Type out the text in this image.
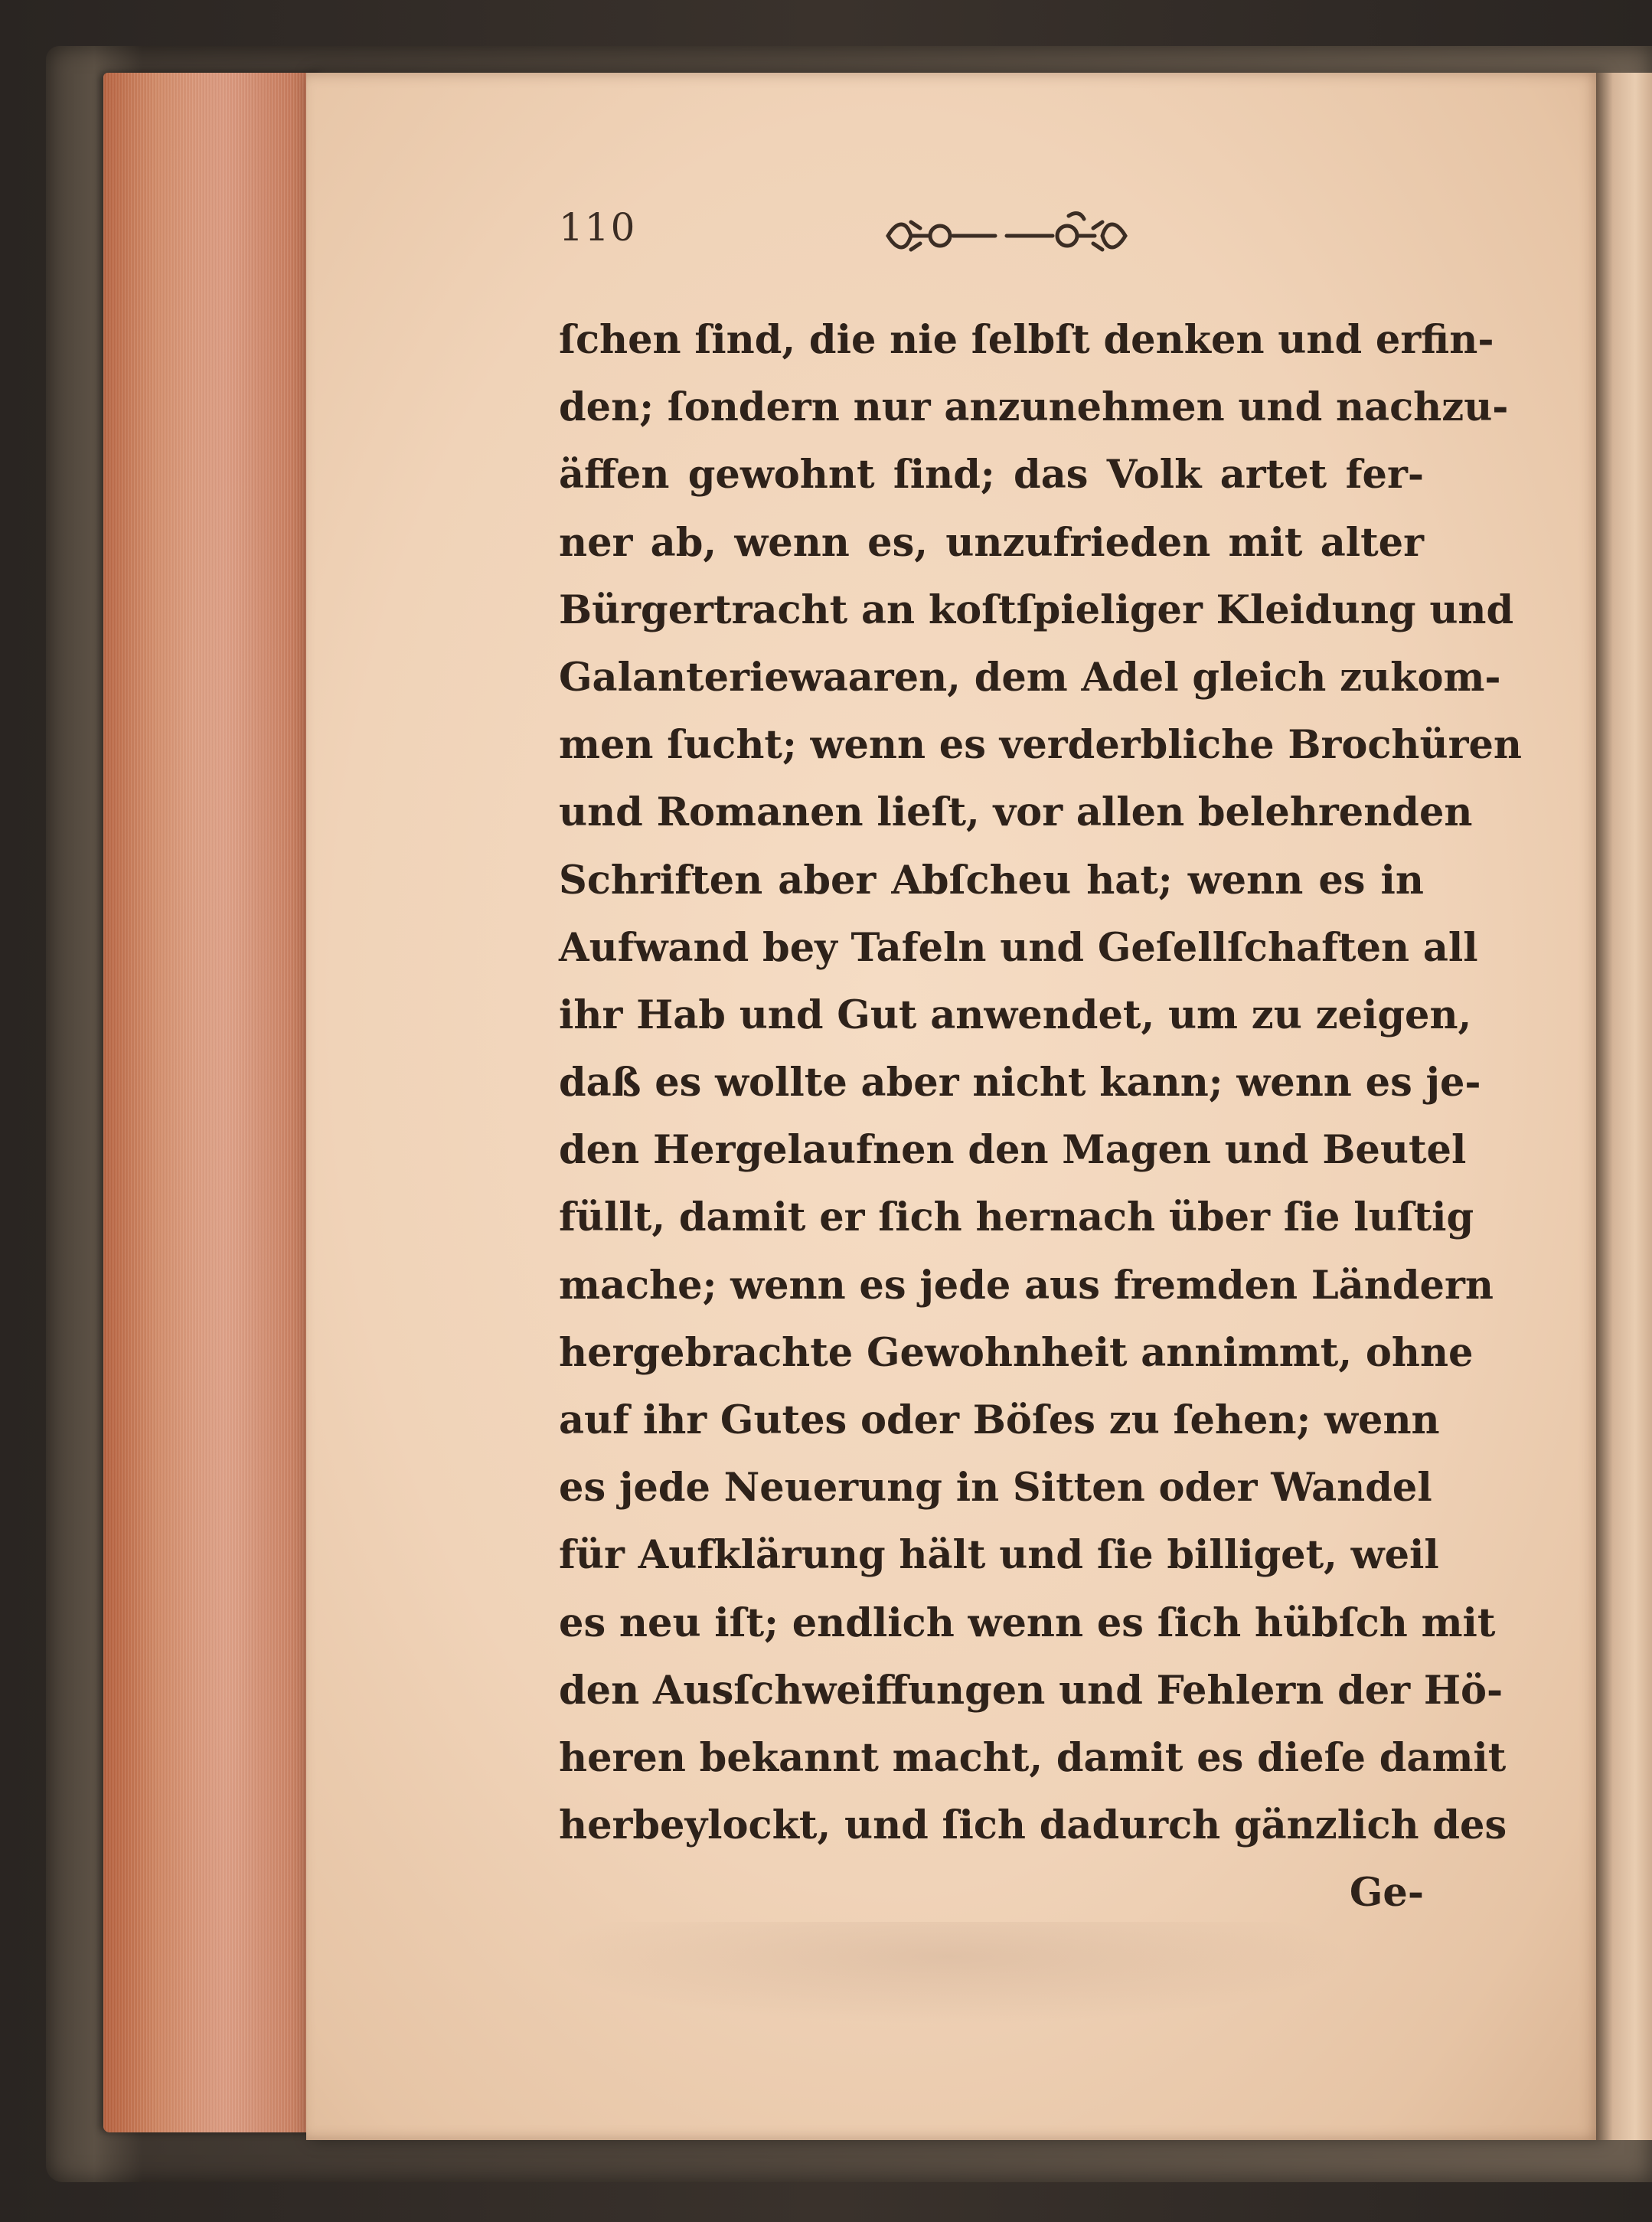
110
ſchen ſind, die nie ſelbſt denken und erfin-
den; ſondern nur anzunehmen und nachzu-
äffen gewohnt ſind; das Volk artet fer-
ner ab, wenn es, unzufrieden mit alter
Bürgertracht an koſtſpieliger Kleidung und
Galanteriewaaren, dem Adel gleich zukom-
men ſucht; wenn es verderbliche Brochüren
und Romanen lieſt, vor allen belehrenden
Schriften aber Abſcheu hat; wenn es in
Aufwand bey Tafeln und Geſellſchaften all
ihr Hab und Gut anwendet, um zu zeigen,
daß es wollte aber nicht kann; wenn es je-
den Hergelaufnen den Magen und Beutel
füllt, damit er ſich hernach über ſie luſtig
mache; wenn es jede aus fremden Ländern
hergebrachte Gewohnheit annimmt, ohne
auf ihr Gutes oder Böſes zu ſehen; wenn
es jede Neuerung in Sitten oder Wandel
für Aufklärung hält und ſie billiget, weil
es neu iſt; endlich wenn es ſich hübſch mit
den Ausſchweiffungen und Fehlern der Hö-
heren bekannt macht, damit es dieſe damit
herbeylockt, und ſich dadurch gänzlich des
Ge-
